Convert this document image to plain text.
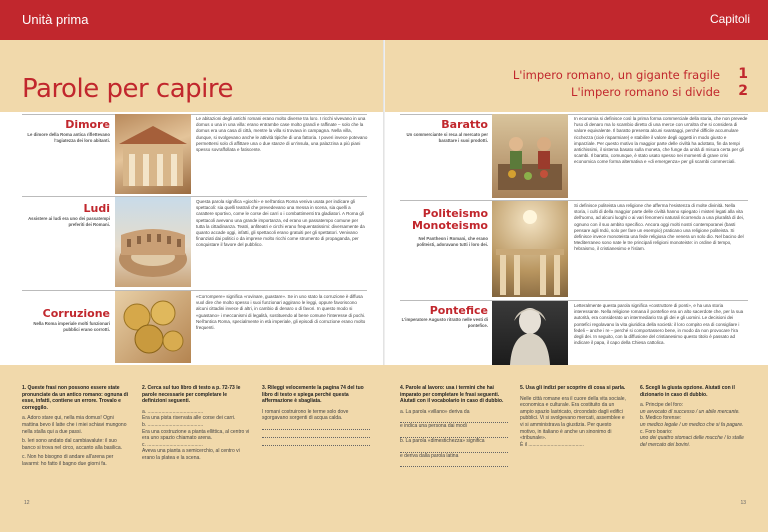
Unità prima	Capitoli
Parole per capire	L'impero romano, un gigante fragile 1
L'impero romano si divide 2
Dimore
Le dimore della Roma antica riflettevano l'agiatezza dei loro abitanti.
Le abitazioni degli antichi romani erano molto diverse tra loro. I ricchi vivevano in una domus o una in una villa: erano entrambe case molto grandi e raffinate – solo che la domus era una casa di città, mentre la villa si trovava in campagna. Nella villa, dunque, si svolgevano anche le attività tipiche di una fattoria. I poveri invece potevano permettersi solo di affittare una o due stanze di un'insula, una palazzina a più piani spesso sovraffollata e fatiscente.
Ludi
Assistere ai ludi era uno dei passatempi preferiti dei Romani.
Questa parola significa «giochi» e nell'antica Roma veniva usata per indicare gli spettacoli: sia quelli teatrali che prevedevano una messa in scena, sia quelli a carattere sportivo, come le corse dei carri o i combattimenti tra gladiatori. A Roma gli spettacoli avevano una grande importanza, ed erano un passatempo comune per tutta la cittadinanza. Teatri, anfiteatri e circhi erano frequentatissimi: diversamente da quanto accade oggi, infatti, gli spettacoli erano gratuiti per gli spettatori. Venivano finanziati dai politici o da imprese molto ricchi come strumento di propaganda, per conquistare il favore del pubblico.
Corruzione
Nella Roma imperiale molti funzionari pubblici erano corrotti.
«Corrompere» significa «rovinare, guastare». Se in uno stato la corruzione è diffusa vuol dire che molto spesso i suoi funzionari aggirano le leggi, oppure favoriscono alcuni cittadini invece di altri, in cambio di denaro o di favori. In questo modo si «guastano» i meccanismi di legalità, sostituendo al bene comune l'interesse di pochi. Nell'antica Roma, specialmente in età imperiale, gli episodi di corruzione erano molto frequenti.
Baratto
Un commerciante si reca al mercato per barattare i suoi prodotti.
In economia si definisce così la prima forma commerciale della storia, che non prevede l'uso di denaro ma lo scambio diretto di una merce con un'altra che si considera di valore equivalente. Il baratto presenta alcuni svantaggi, perché difficile accumulare ricchezza (cioè risparmiare) e stabilire il valore degli oggetti in modo giusto e imparziale. Per questo motivo la maggior parte delle civiltà ha adottato, fin da tempi antichissimi, il sistema basato sulla moneta, che funge da unità di misura certa per gli scambi. Il baratto, comunque, è stato usato spesso nei momenti di grave crisi economica come forma alternativa e «di emergenza» per gli scambi commerciali.
Politeismo Monoteismo
Nel Pantheon i Romani, che erano politeisti, adoravano tutti i loro dei.
Si definisce politeista una religione che afferma l'esistenza di molte divinità. Nella storia, i culti di della maggior parte delle civiltà hanno spiegato i misteri legati alla vita dell'uomo, ad alcuni luoghi o ai vari fenomeni naturali ricorrendo a una pluralità di dei, ognuno con il suo ambito specifico. Ancora oggi molti nostri contemporanei (basti pensare agli Indù, solo per fare un esempio) praticano una religione politeista. Si definisce invece monoteista una fede religiosa che venera un solo dio. Nel bacino del Mediterraneo sono nate le tre principali religioni monoteiste: in ordine di tempo, l'ebraismo, il cristianesimo e l'islam.
Pontefice
L'imperatore Augusto ritratto nelle vesti di pontefice.
Letteralmente questa parola significa «costruttore di ponti», e ha una storia interessante. Nella religione romana il pontefice era un alto sacerdote che, per la sua autorità, era considerato un intermediario tra gli dei e gli uomini. Le decisioni dei pontefici regolavano la vita giuridica della società: il loro compito era di consigliare i fedeli – anche i re – perché si comportassero bene, in modo da non provocare l'ira degli dei. In seguito, con la diffusione del cristianesimo questo titolo è passato ad indicare il papa, il capo della Chiesa cattolica.
1. Queste frasi non possono essere state pronunciate da un antico romano: ognuna di esse, infatti, contiene un errore. Trovalo e correggilo.
a. Adoro stare qui, nella mia domus! Ogni mattina bevo il latte che i miei schiavi mungono nella stalla qui a due passi.
b. Ieri sono andato dal cambiavalute: il suo banco si trova nel circo, accanto alla basilica.
c. Non ho bisogno di andare all'arena per lavarmi: ho fatto il bagno due giorni fa.
2. Cerca sul tuo libro di testo a p. 72-73 le parole necessarie per completare le definizioni seguenti.
a. ........................................
Era una pista riservata alle corse dei carri.
b. ........................................
Era una costruzione a pianta ellittica, al centro vi era uno spazio chiamato arena.
c. ........................................
Aveva una pianta a semicerchio, al centro vi erano la platea e la scena.
3. Rileggi velocemente la pagina 74 del tuo libro di testo e spiega perché questa affermazione è sbagliata.
I romani costruirono le terme solo dove sgorgavano sorgenti di acqua calda.
4. Parole al lavoro: usa i termini che hai imparato per completare le frasi seguenti. Aiutati con il vocabolario in caso di dubbio.
a. La parola «villano» deriva da
e indica una persona dai modi
b. La parola «dimestichezza» significa
e deriva dalla parola latina
5. Usa gli indizi per scoprire di cosa si parla.
Nelle città romane era il cuore della vita sociale, economica e culturale. Era costituito da un ampio spazio lastricato, circondato dagli edifici pubblici. Vi si svolgevano mercati, assemblee e vi si amministrava la giustizia. Per questo motivo, in italiano è anche un sinonimo di «tribunale».
È il ........................................
6. Scegli la giusta opzione. Aiutati con il dizionario in caso di dubbio.
a. Principe del foro:
un avvocato di successo / un abile mercante.
b. Medico forense:
un medico legale / un medico che si fa pagare.
c. Foro boario:
uno dei quattro stomaci delle mucche / lo stalle del mercato dei bovini.
12	13
